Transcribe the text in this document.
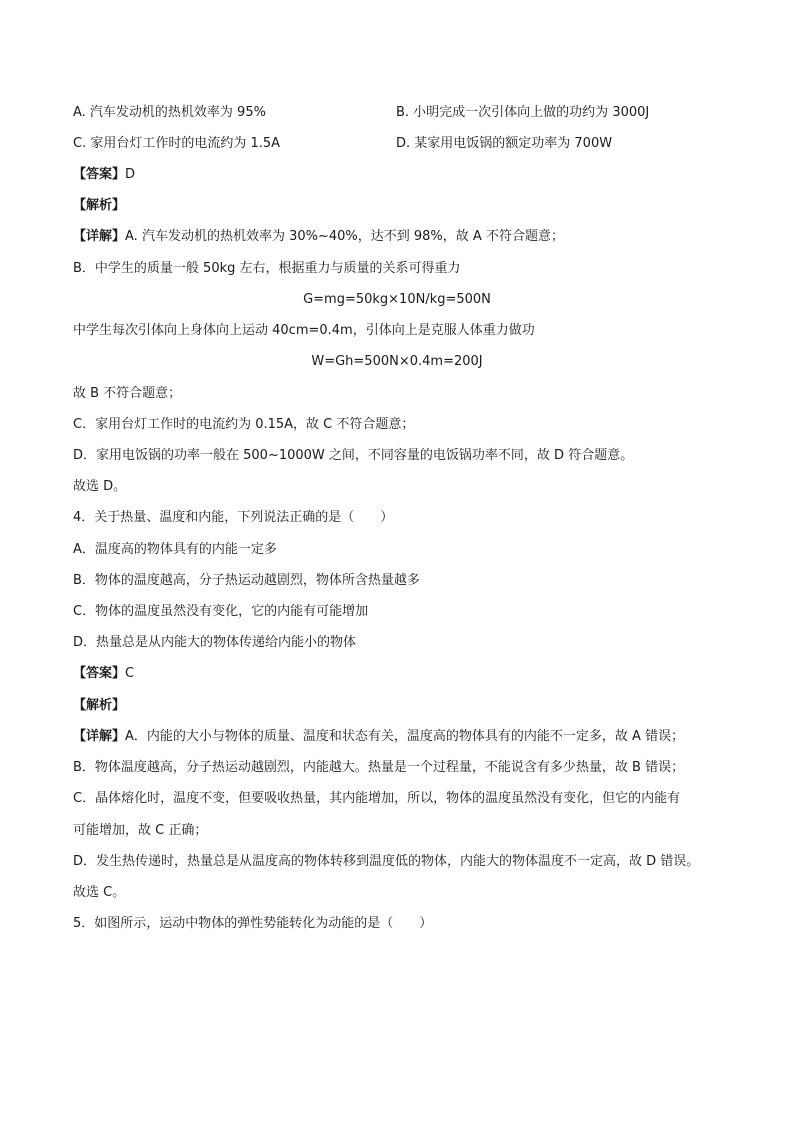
A. 汽车发动机的热机效率为 95%	B. 小明完成一次引体向上做的功约为 3000J
C. 家用台灯工作时的电流约为 1.5A	D. 某家用电饭锅的额定功率为 700W
【答案】D
【解析】
【详解】A. 汽车发动机的热机效率为 30%~40%，达不到 98%，故 A 不符合题意；
B．中学生的质量一般 50kg 左右，根据重力与质量的关系可得重力
G=mg=50kg×10N/kg=500N
中学生每次引体向上身体向上运动 40cm=0.4m，引体向上是克服人体重力做功
W=Gh=500N×0.4m=200J
故 B 不符合题意；
C．家用台灯工作时的电流约为 0.15A，故 C 不符合题意；
D．家用电饭锅的功率一般在 500~1000W 之间，不同容量的电饭锅功率不同，故 D 符合题意。
故选 D。
4．关于热量、温度和内能，下列说法正确的是（　　）
A．温度高的物体具有的内能一定多
B．物体的温度越高，分子热运动越剧烈，物体所含热量越多
C．物体的温度虽然没有变化，它的内能有可能增加
D．热量总是从内能大的物体传递给内能小的物体
【答案】C
【解析】
【详解】A．内能的大小与物体的质量、温度和状态有关，温度高的物体具有的内能不一定多，故 A 错误；
B．物体温度越高，分子热运动越剧烈，内能越大。热量是一个过程量，不能说含有多少热量，故 B 错误；
C．晶体熔化时，温度不变，但要吸收热量，其内能增加，所以，物体的温度虽然没有变化，但它的内能有
可能增加，故 C 正确；
D．发生热传递时，热量总是从温度高的物体转移到温度低的物体，内能大的物体温度不一定高，故 D 错误。
故选 C。
5．如图所示，运动中物体的弹性势能转化为动能的是（　　）
